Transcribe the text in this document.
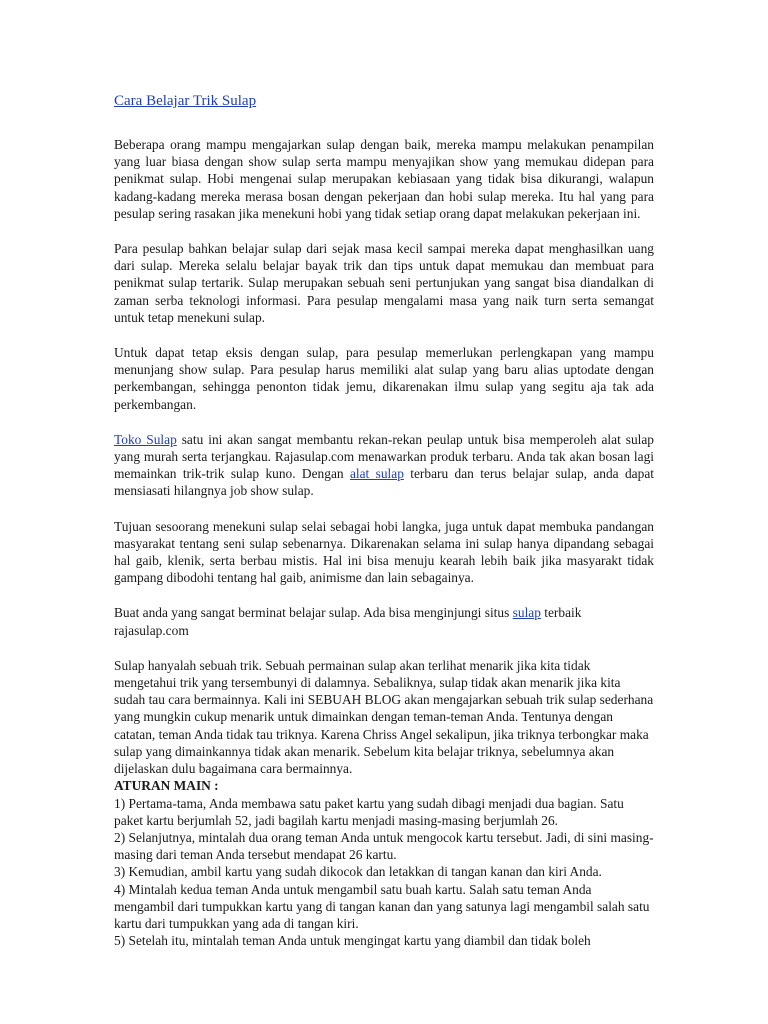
Cara Belajar Trik Sulap

Beberapa orang mampu mengajarkan sulap dengan baik, mereka mampu melakukan penampilan yang luar biasa dengan show sulap serta mampu menyajikan show yang memukau didepan para penikmat sulap. Hobi mengenai sulap merupakan kebiasaan yang tidak bisa dikurangi, walapun kadang-kadang mereka merasa bosan dengan pekerjaan dan hobi sulap mereka. Itu hal yang para pesulap sering rasakan jika menekuni hobi yang tidak setiap orang dapat melakukan pekerjaan ini.

Para pesulap bahkan belajar sulap dari sejak masa kecil sampai mereka dapat menghasilkan uang dari sulap. Mereka selalu belajar bayak trik dan tips untuk dapat memukau dan membuat para penikmat sulap tertarik. Sulap merupakan sebuah seni pertunjukan yang sangat bisa diandalkan di zaman serba teknologi informasi. Para pesulap mengalami masa yang naik turn serta semangat untuk tetap menekuni sulap.

Untuk dapat tetap eksis dengan sulap, para pesulap memerlukan perlengkapan yang mampu menunjang show sulap. Para pesulap harus memiliki alat sulap yang baru alias uptodate dengan perkembangan, sehingga penonton tidak jemu, dikarenakan ilmu sulap yang segitu aja tak ada perkembangan.

Toko Sulap satu ini akan sangat membantu rekan-rekan peulap untuk bisa memperoleh alat sulap yang murah serta terjangkau. Rajasulap.com menawarkan produk terbaru. Anda tak akan bosan lagi memainkan trik-trik sulap kuno. Dengan alat sulap terbaru dan terus belajar sulap, anda dapat mensiasati hilangnya job show sulap.

Tujuan sesoorang menekuni sulap selai sebagai hobi langka, juga untuk dapat membuka pandangan masyarakat tentang seni sulap sebenarnya. Dikarenakan selama ini sulap hanya dipandang sebagai hal gaib, klenik, serta berbau mistis. Hal ini bisa menuju kearah lebih baik jika masyarakt tidak gampang dibodohi tentang hal gaib, animisme dan lain sebagainya.

Buat anda yang sangat berminat belajar sulap. Ada bisa menginjungi situs sulap terbaik rajasulap.com

Sulap hanyalah sebuah trik. Sebuah permainan sulap akan terlihat menarik jika kita tidak mengetahui trik yang tersembunyi di dalamnya. Sebaliknya, sulap tidak akan menarik jika kita sudah tau cara bermainnya. Kali ini SEBUAH BLOG akan mengajarkan sebuah trik sulap sederhana yang mungkin cukup menarik untuk dimainkan dengan teman-teman Anda. Tentunya dengan catatan, teman Anda tidak tau triknya. Karena Chriss Angel sekalipun, jika triknya terbongkar maka sulap yang dimainkannya tidak akan menarik. Sebelum kita belajar triknya, sebelumnya akan dijelaskan dulu bagaimana cara bermainnya.

ATURAN MAIN :
1) Pertama-tama, Anda membawa satu paket kartu yang sudah dibagi menjadi dua bagian. Satu paket kartu berjumlah 52, jadi bagilah kartu menjadi masing-masing berjumlah 26.
2) Selanjutnya, mintalah dua orang teman Anda untuk mengocok kartu tersebut. Jadi, di sini masing-masing dari teman Anda tersebut mendapat 26 kartu.
3) Kemudian, ambil kartu yang sudah dikocok dan letakkan di tangan kanan dan kiri Anda.
4) Mintalah kedua teman Anda untuk mengambil satu buah kartu. Salah satu teman Anda mengambil dari tumpukkan kartu yang di tangan kanan dan yang satunya lagi mengambil salah satu kartu dari tumpukkan yang ada di tangan kiri.
5) Setelah itu, mintalah teman Anda untuk mengingat kartu yang diambil dan tidak boleh
